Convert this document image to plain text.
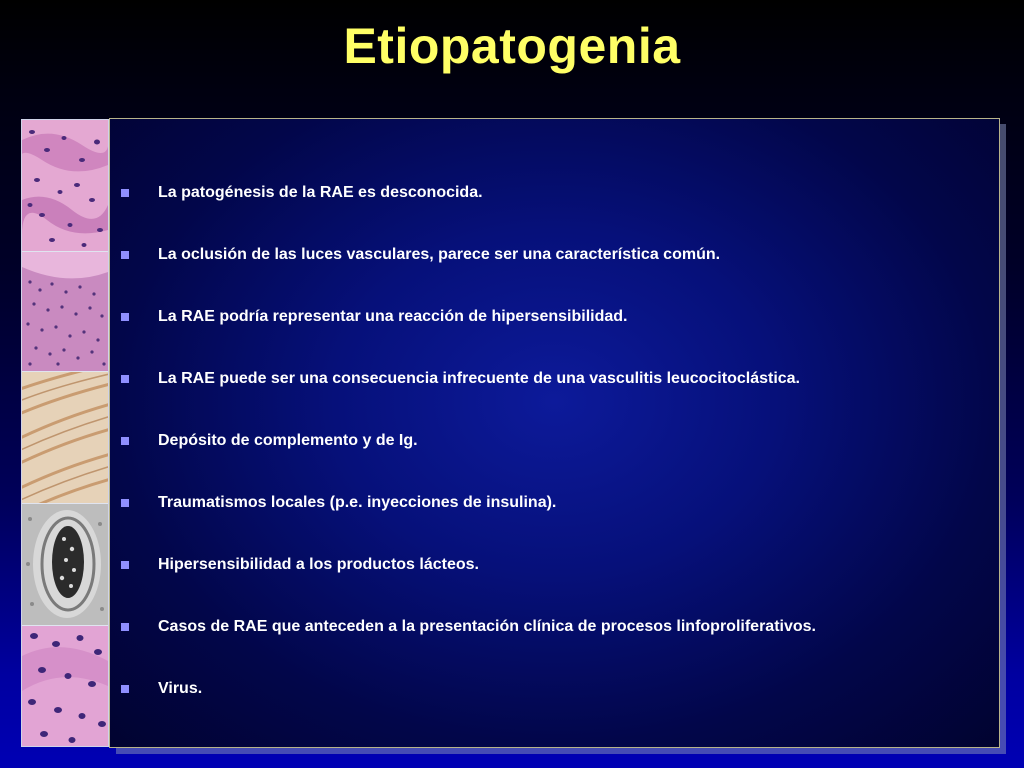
Etiopatogenia
La patogénesis de la RAE es desconocida.
La oclusión de las luces vasculares, parece ser una característica común.
La RAE podría representar una reacción de hipersensibilidad.
La RAE puede ser una consecuencia infrecuente de una vasculitis leucocitoclástica.
Depósito de complemento y de Ig.
Traumatismos locales (p.e. inyecciones de insulina).
Hipersensibilidad a los productos lácteos.
Casos de RAE que anteceden a la presentación clínica de procesos linfoproliferativos.
Virus.
